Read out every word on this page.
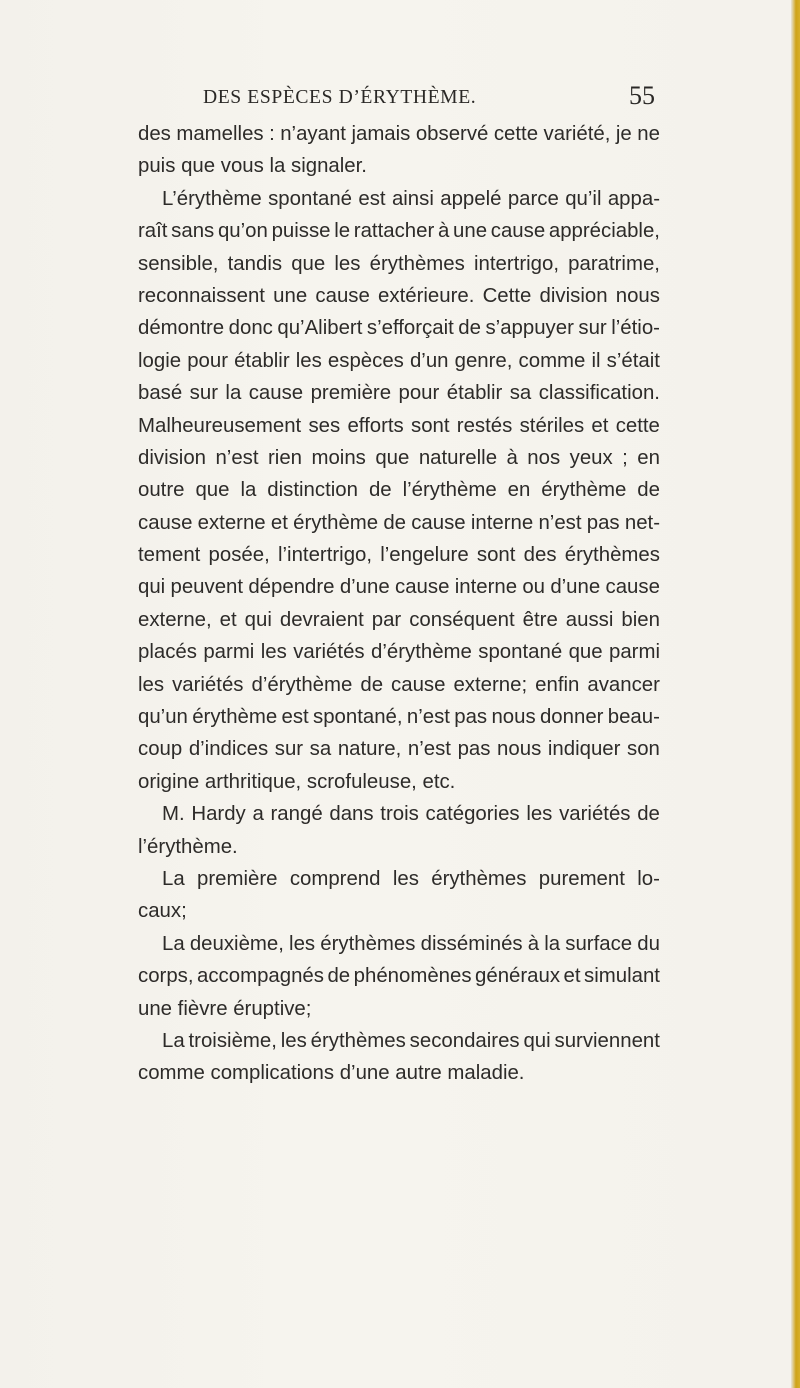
DES ESPÈCES D’ÉRYTHÈME.	55
des mamelles : n’ayant jamais observé cette variété, je ne
puis que vous la signaler.
L’érythème spontané est ainsi appelé parce qu’il appa-
raît sans qu’on puisse le rattacher à une cause appréciable,
sensible, tandis que les érythèmes intertrigo, paratrime,
reconnaissent une cause extérieure. Cette division nous
démontre donc qu’Alibert s’efforçait de s’appuyer sur l’étio-
logie pour établir les espèces d’un genre, comme il s’était
basé sur la cause première pour établir sa classification.
Malheureusement ses efforts sont restés stériles et cette
division n’est rien moins que naturelle à nos yeux ; en
outre que la distinction de l’érythème en érythème de
cause externe et érythème de cause interne n’est pas net-
tement posée, l’intertrigo, l’engelure sont des érythèmes
qui peuvent dépendre d’une cause interne ou d’une cause
externe, et qui devraient par conséquent être aussi bien
placés parmi les variétés d’érythème spontané que parmi
les variétés d’érythème de cause externe; enfin avancer
qu’un érythème est spontané, n’est pas nous donner beau-
coup d’indices sur sa nature, n’est pas nous indiquer son
origine arthritique, scrofuleuse, etc.
M. Hardy a rangé dans trois catégories les variétés de
l’érythème.
La première comprend les érythèmes purement lo-
caux;
La deuxième, les érythèmes disséminés à la surface du
corps, accompagnés de phénomènes généraux et simulant
une fièvre éruptive;
La troisième, les érythèmes secondaires qui surviennent
comme complications d’une autre maladie.
